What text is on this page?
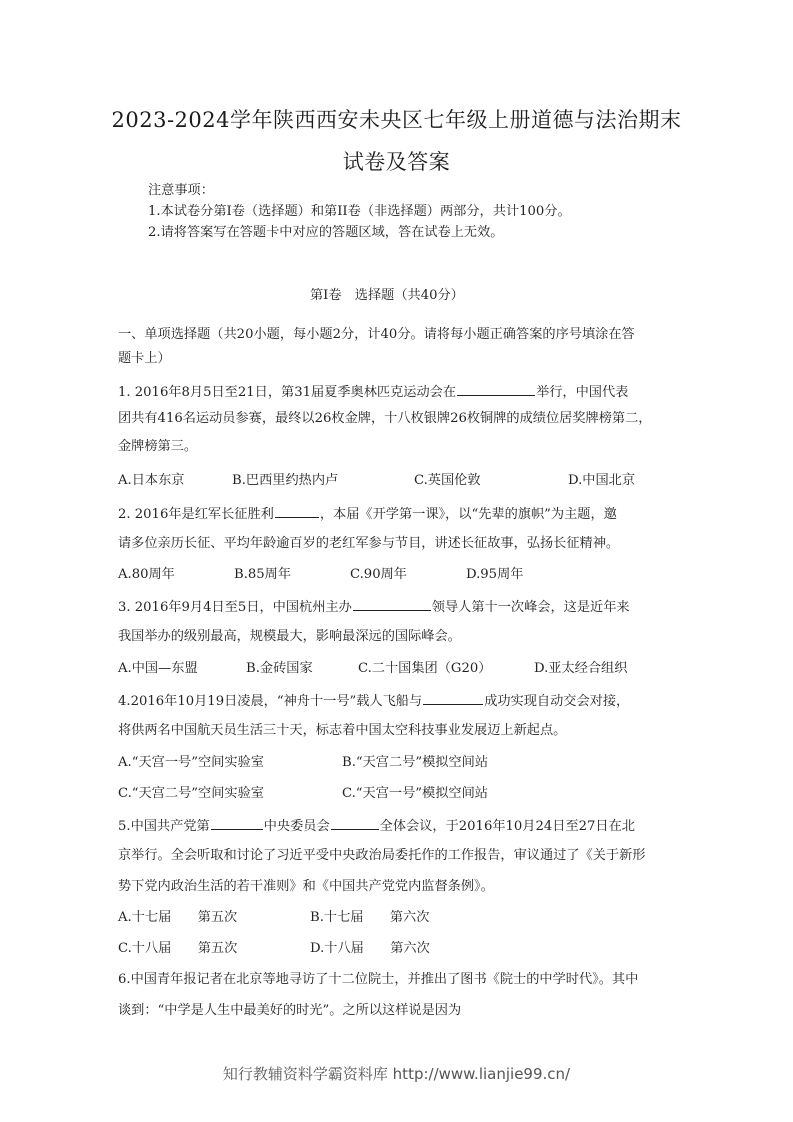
2023-2024学年陕西西安未央区七年级上册道德与法治期末
试卷及答案
注意事项：
1.本试卷分第Ⅰ卷（选择题）和第II卷（非选择题）两部分，共计100分。
2.请将答案写在答题卡中对应的答题区域，答在试卷上无效。
第Ⅰ卷　选择题（共40分）
一、单项选择题（共20小题，每小题2分，计40分。请将每小题正确答案的序号填涂在答
题卡上）
1. 2016年8月5日至21日，第31届夏季奥林匹克运动会在	举行，中国代表
团共有416名运动员参赛，最终以26枚金牌，十八枚银牌26枚铜牌的成绩位居奖牌榜第二，
金牌榜第三。
A.日本东京	B.巴西里约热内卢	C.英国伦敦	D.中国北京
2. 2016年是红军长征胜利	，本届《开学第一课》，以“先辈的旗帜”为主题，邀
请多位亲历长征、平均年龄逾百岁的老红军参与节目，讲述长征故事，弘扬长征精神。
A.80周年	B.85周年	C.90周年	D.95周年
3. 2016年9月4日至5日，中国杭州主办	领导人第十一次峰会，这是近年来
我国举办的级别最高，规模最大，影响最深远的国际峰会。
A.中国—东盟	B.金砖国家	C.二十国集团（G20）	D.亚太经合组织
4.2016年10月19日凌晨，“神舟十一号”载人飞船与	成功实现自动交会对接，
将供两名中国航天员生活三十天，标志着中国太空科技事业发展迈上新起点。
A.“天宫一号”空间实验室	B.“天宫二号”模拟空间站
C.“天宫二号”空间实验室	C.“天宫一号”模拟空间站
5.中国共产党第	中央委员会	全体会议，于2016年10月24日至27日在北
京举行。全会听取和讨论了习近平受中央政治局委托作的工作报告，审议通过了《关于新形
势下党内政治生活的若干准则》和《中国共产党党内监督条例》。
A.十七届　　第五次	B.十七届　　第六次
C.十八届　　第五次	D.十八届　　第六次
6.中国青年报记者在北京等地寻访了十二位院士，并推出了图书《院士的中学时代》。其中
谈到：“中学是人生中最美好的时光”。之所以这样说是因为
知行教辅资料学霸资料库 http://www.lianjie99.cn/
